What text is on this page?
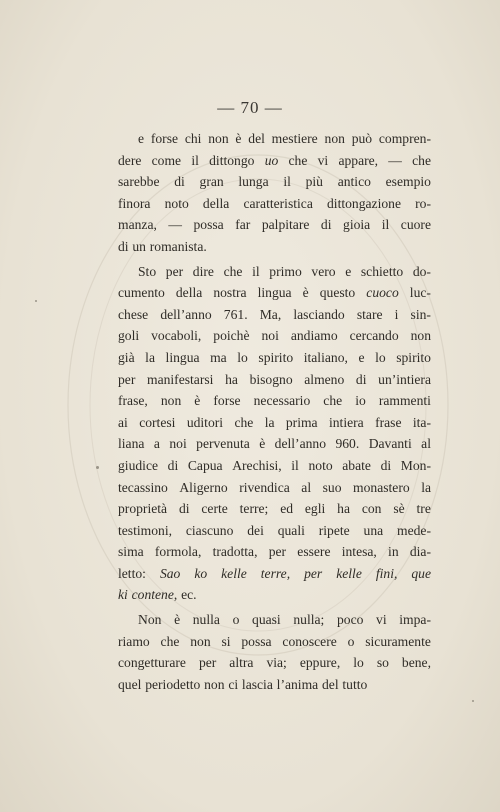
— 70 —
e forse chi non è del mestiere non può compren-
dere come il dittongo uo che vi appare, — che
sarebbe di gran lunga il più antico esempio
finora noto della caratteristica dittongazione ro-
manza, — possa far palpitare di gioia il cuore
di un romanista.
Sto per dire che il primo vero e schietto do-
cumento della nostra lingua è questo cuoco luc-
chese dell’anno 761. Ma, lasciando stare i sin-
goli vocaboli, poichè noi andiamo cercando non
già la lingua ma lo spirito italiano, e lo spirito
per manifestarsi ha bisogno almeno di un’intiera
frase, non è forse necessario che io rammenti
ai cortesi uditori che la prima intiera frase ita-
liana a noi pervenuta è dell’anno 960. Davanti al
giudice di Capua Arechisi, il noto abate di Mon-
tecassino Aligerno rivendica al suo monastero la
proprietà di certe terre; ed egli ha con sè tre
testimoni, ciascuno dei quali ripete una mede-
sima formola, tradotta, per essere intesa, in dia-
letto: Sao ko kelle terre, per kelle fini, que
ki contene, ec.
Non è nulla o quasi nulla; poco vi impa-
riamo che non si possa conoscere o sicuramente
congetturare per altra via; eppure, lo so bene,
quel periodetto non ci lascia l’anima del tutto
